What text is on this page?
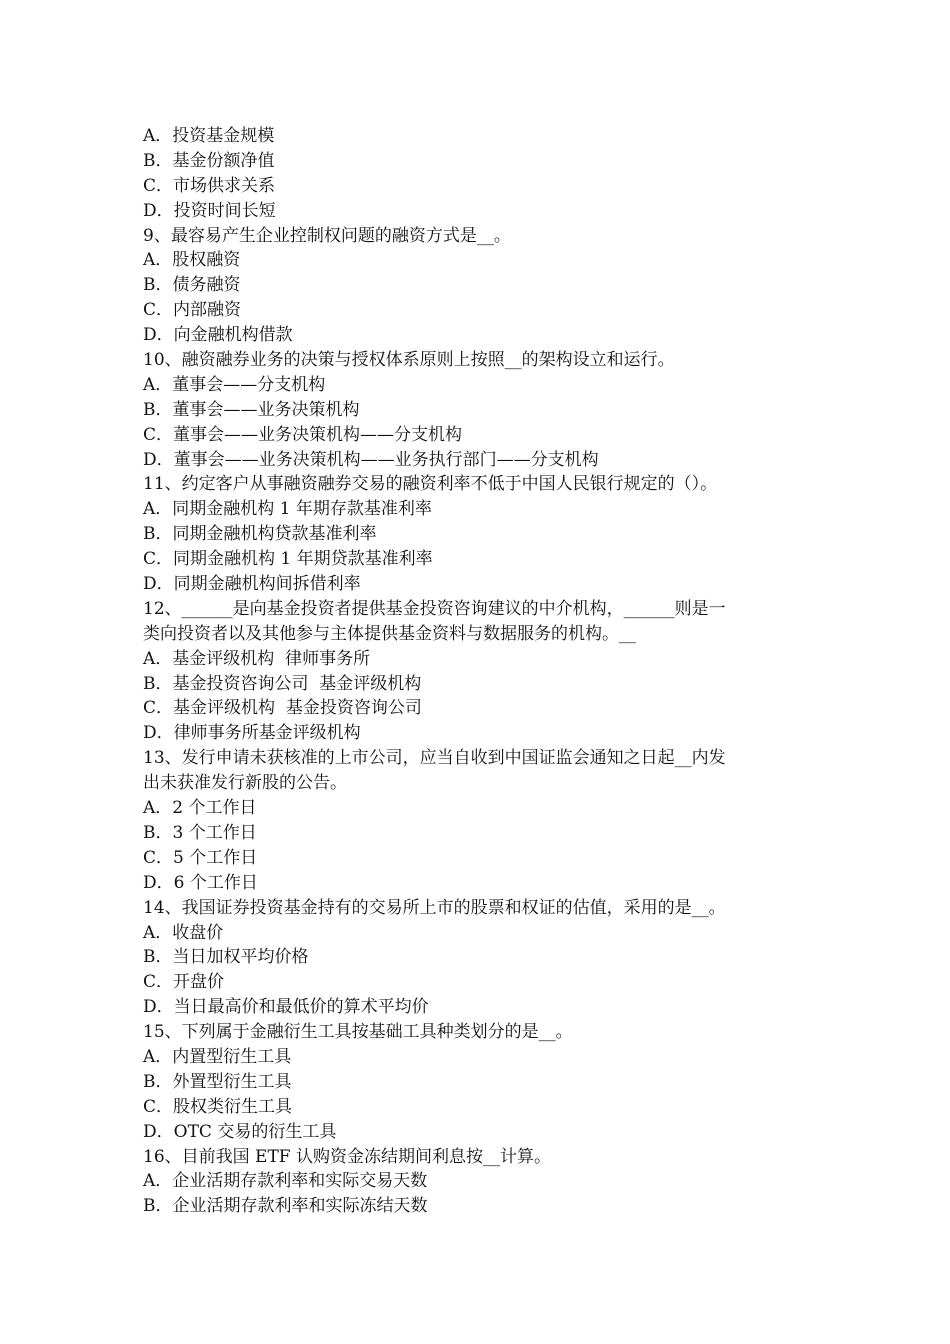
A．投资基金规模
B．基金份额净值
C．市场供求关系
D．投资时间长短
9、最容易产生企业控制权问题的融资方式是__。
A．股权融资
B．债务融资
C．内部融资
D．向金融机构借款
10、融资融券业务的决策与授权体系原则上按照__的架构设立和运行。
A．董事会——分支机构
B．董事会——业务决策机构
C．董事会——业务决策机构——分支机构
D．董事会——业务决策机构——业务执行部门——分支机构
11、约定客户从事融资融券交易的融资利率不低于中国人民银行规定的（）。
A．同期金融机构 1 年期存款基准利率
B．同期金融机构贷款基准利率
C．同期金融机构 1 年期贷款基准利率
D．同期金融机构间拆借利率
12、______是向基金投资者提供基金投资咨询建议的中介机构，______则是一
类向投资者以及其他参与主体提供基金资料与数据服务的机构。__
A．基金评级机构  律师事务所
B．基金投资咨询公司  基金评级机构
C．基金评级机构  基金投资咨询公司
D．律师事务所基金评级机构
13、发行申请未获核准的上市公司，应当自收到中国证监会通知之日起__内发
出未获准发行新股的公告。
A．2 个工作日
B．3 个工作日
C．5 个工作日
D．6 个工作日
14、我国证券投资基金持有的交易所上市的股票和权证的估值，采用的是__。
A．收盘价
B．当日加权平均价格
C．开盘价
D．当日最高价和最低价的算术平均价
15、下列属于金融衍生工具按基础工具种类划分的是__。
A．内置型衍生工具
B．外置型衍生工具
C．股权类衍生工具
D．OTC 交易的衍生工具
16、目前我国 ETF 认购资金冻结期间利息按__计算。
A．企业活期存款利率和实际交易天数
B．企业活期存款利率和实际冻结天数
